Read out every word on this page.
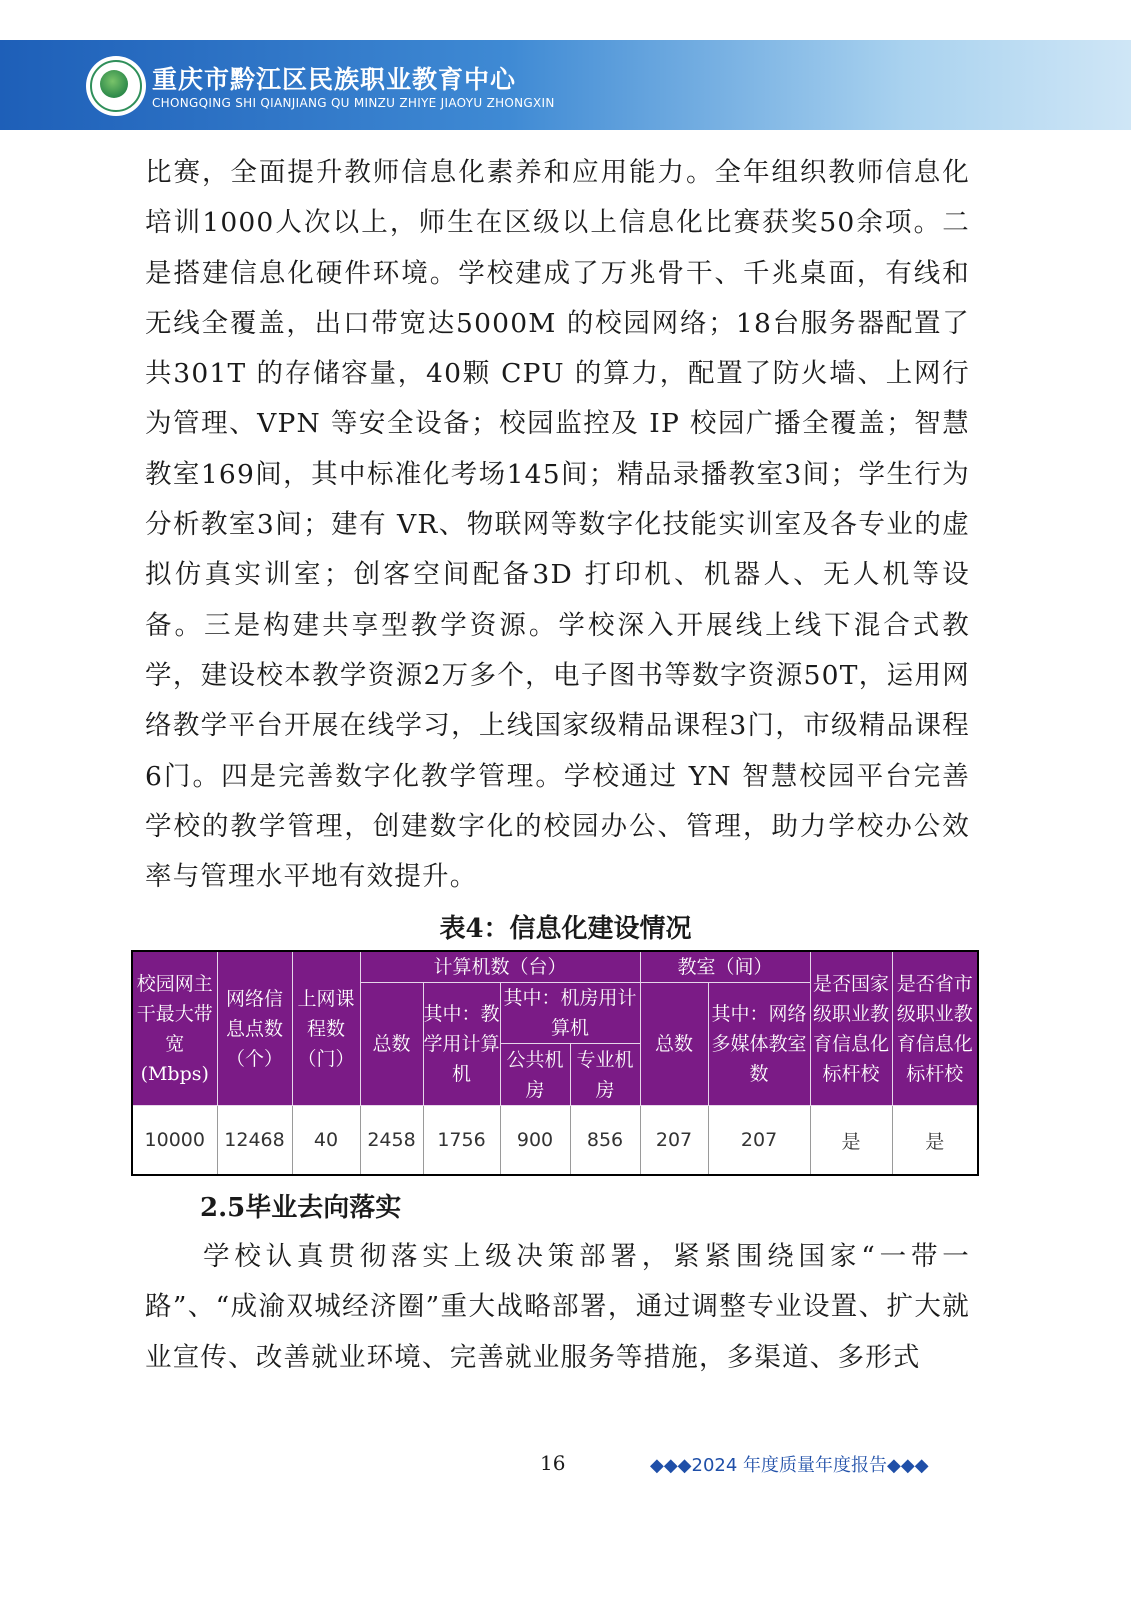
重庆市黔江区民族职业教育中心
CHONGQING SHI QIANJIANG QU MINZU ZHIYE JIAOYU ZHONGXIN

比赛，全面提升教师信息化素养和应用能力。全年组织教师信息化培训1000人次以上，师生在区级以上信息化比赛获奖50余项。二是搭建信息化硬件环境。学校建成了万兆骨干、千兆桌面，有线和无线全覆盖，出口带宽达5000M 的校园网络；18台服务器配置了共301T 的存储容量，40颗 CPU 的算力，配置了防火墙、上网行为管理、VPN 等安全设备；校园监控及 IP 校园广播全覆盖；智慧教室169间，其中标准化考场145间；精品录播教室3间；学生行为分析教室3间；建有 VR、物联网等数字化技能实训室及各专业的虚拟仿真实训室；创客空间配备3D 打印机、机器人、无人机等设备。三是构建共享型教学资源。学校深入开展线上线下混合式教学，建设校本教学资源2万多个，电子图书等数字资源50T，运用网络教学平台开展在线学习，上线国家级精品课程3门，市级精品课程6门。四是完善数字化教学管理。学校通过 YN 智慧校园平台完善学校的教学管理，创建数字化的校园办公、管理，助力学校办公效率与管理水平地有效提升。

表4：信息化建设情况

校园网主干最大带宽(Mbps)	网络信息点数（个）	上网课程数（门）	计算机数（台）				教室（间）		是否国家级职业教育信息化标杆校	是否省市级职业教育信息化标杆校
			总数	其中：教学用计算机	其中：机房用计算机		总数	其中：网络多媒体教室数		
					公共机房	专业机房				
10000	12468	40	2458	1756	900	856	207	207	是	是

2.5毕业去向落实

学校认真贯彻落实上级决策部署，紧紧围绕国家“一带一路”、“成渝双城经济圈”重大战略部署，通过调整专业设置、扩大就业宣传、改善就业环境、完善就业服务等措施，多渠道、多形式

16	◆◆◆2024 年度质量年度报告◆◆◆
